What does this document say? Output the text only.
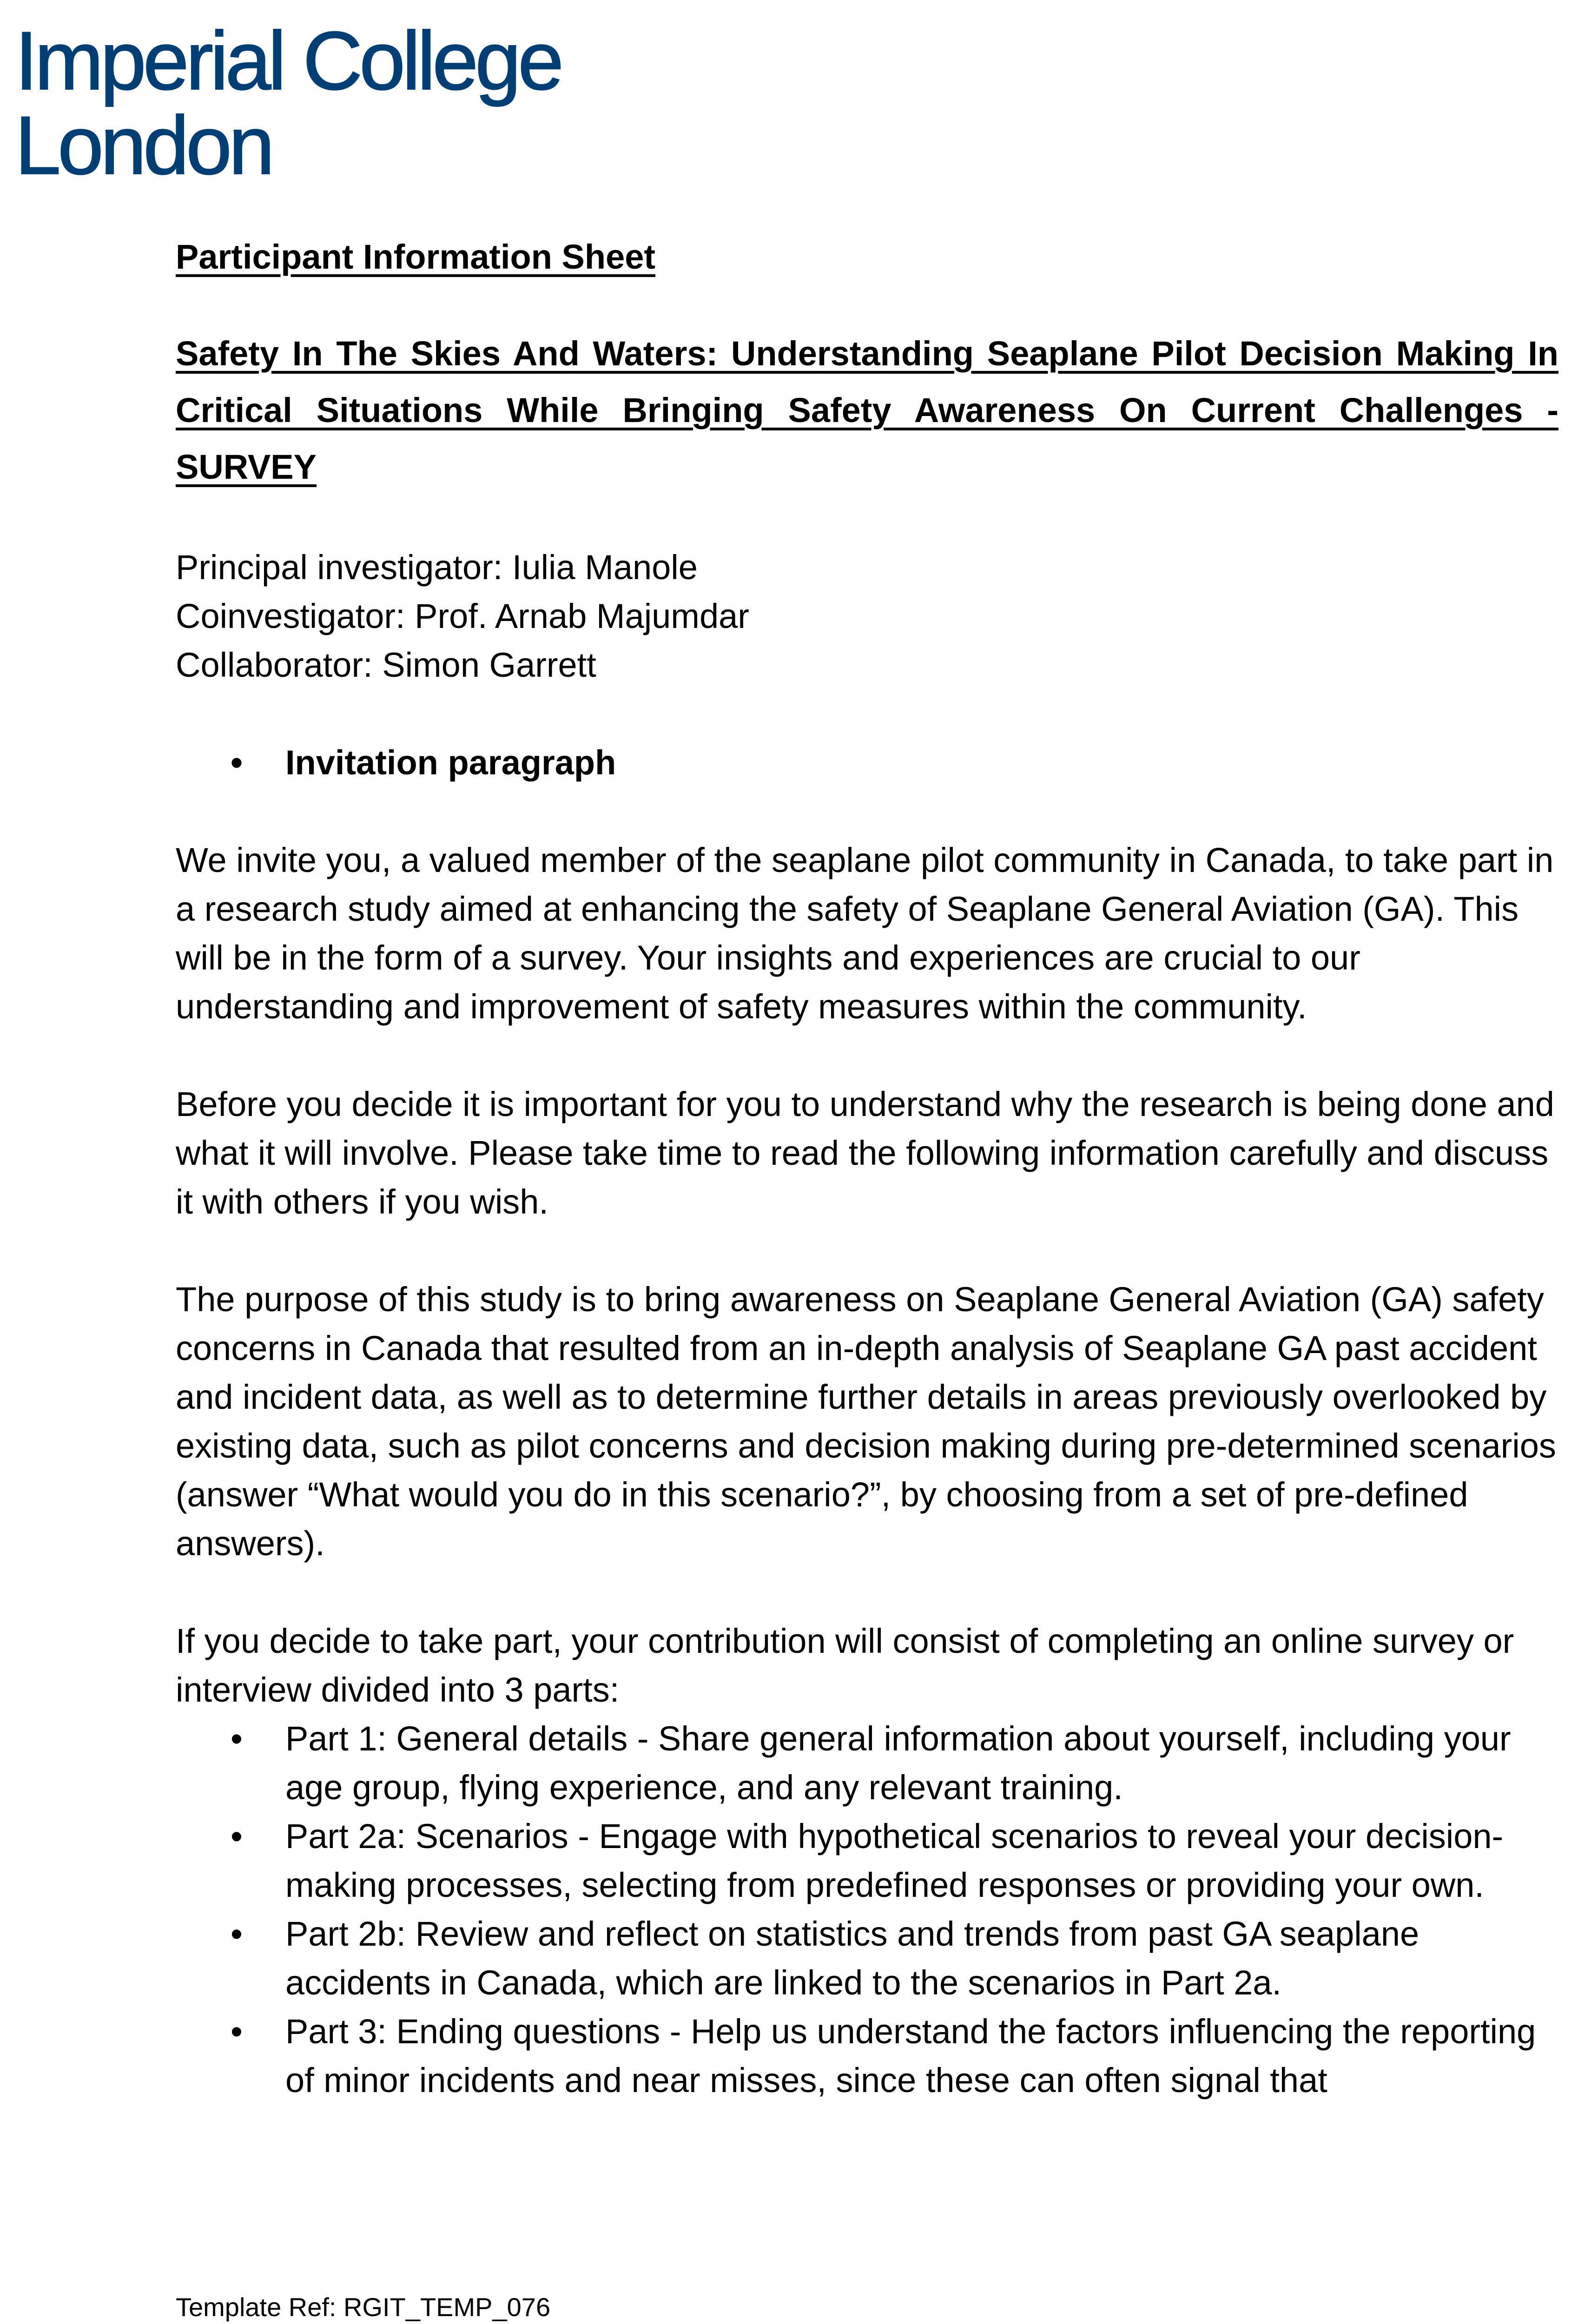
Imperial College
London

Participant Information Sheet

Safety In The Skies And Waters: Understanding Seaplane Pilot Decision Making In Critical Situations While Bringing Safety Awareness On Current Challenges - SURVEY

Principal investigator: Iulia Manole
Coinvestigator: Prof. Arnab Majumdar
Collaborator: Simon Garrett
• Invitation paragraph

We invite you, a valued member of the seaplane pilot community in Canada, to take part in a research study aimed at enhancing the safety of Seaplane General Aviation (GA). This will be in the form of a survey. Your insights and experiences are crucial to our understanding and improvement of safety measures within the community.

Before you decide it is important for you to understand why the research is being done and what it will involve. Please take time to read the following information carefully and discuss it with others if you wish.

The purpose of this study is to bring awareness on Seaplane General Aviation (GA) safety concerns in Canada that resulted from an in-depth analysis of Seaplane GA past accident and incident data, as well as to determine further details in areas previously overlooked by existing data, such as pilot concerns and decision making during pre-determined scenarios (answer “What would you do in this scenario?”, by choosing from a set of pre-defined answers).

If you decide to take part, your contribution will consist of completing an online survey or interview divided into 3 parts:

• Part 1: General details - Share general information about yourself, including your age group, flying experience, and any relevant training.
• Part 2a: Scenarios - Engage with hypothetical scenarios to reveal your decision-making processes, selecting from predefined responses or providing your own.
• Part 2b: Review and reflect on statistics and trends from past GA seaplane accidents in Canada, which are linked to the scenarios in Part 2a.
• Part 3: Ending questions - Help us understand the factors influencing the reporting of minor incidents and near misses, since these can often signal that
Template Ref: RGIT_TEMP_076
